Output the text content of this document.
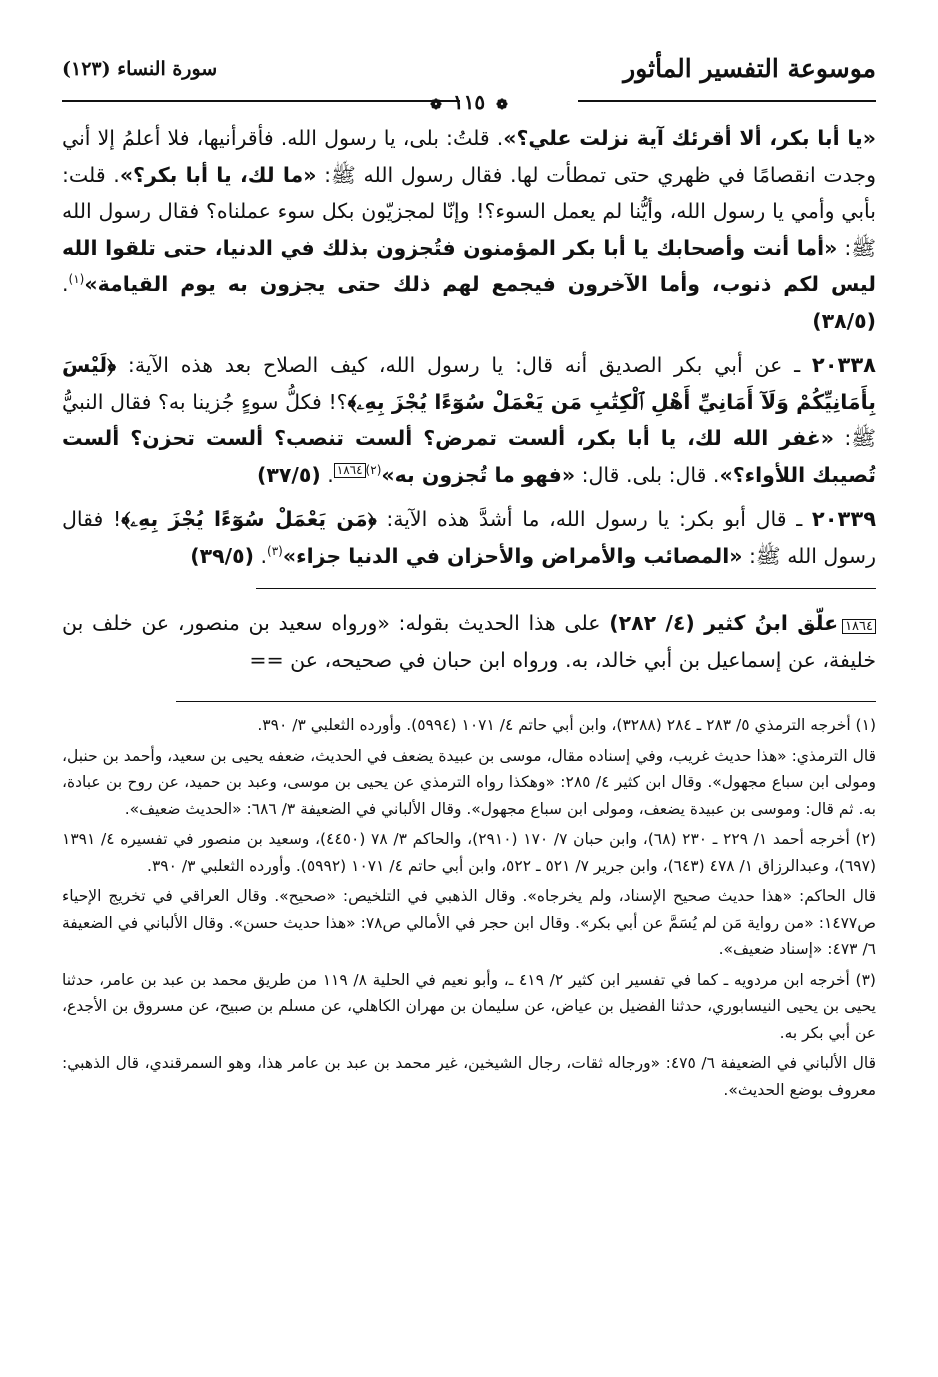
موسوعة التفسير المأثور
سورة النساء (١٢٣)
❁ ١١٥ ❁

«يا أبا بكر، ألا أقرئك آية نزلت علي؟». قلتُ: بلى، يا رسول الله. فأقرأنيها، فلا أعلمُ إلا أني وجدت انقصامًا في ظهري حتى تمطأت لها. فقال رسول الله ﷺ: «ما لك، يا أبا بكر؟». قلت: بأبي وأمي يا رسول الله، وأيُّنا لم يعمل السوء؟! وإنّا لمجزيّون بكل سوء عملناه؟ فقال رسول الله ﷺ: «أما أنت وأصحابك يا أبا بكر المؤمنون فتُجزون بذلك في الدنيا، حتى تلقوا الله ليس لكم ذنوب، وأما الآخرون فيجمع لهم ذلك حتى يجزون به يوم القيامة»$^{(١)}$. (٣٨/٥)

٢٠٣٣٨ ـ عن أبي بكر الصديق أنه قال: يا رسول الله، كيف الصلاح بعد هذه الآية: ﴿لَيْسَ بِأَمَانِيِّكُمْ وَلَآ أَمَانِيِّ أَهْلِ ٱلْكِتَٰبِ مَن يَعْمَلْ سُوٓءًا يُجْزَ بِهِۦ﴾؟! فكلُّ سوءٍ جُزينا به؟ فقال النبيُّ ﷺ: «غفر الله لك، يا أبا بكر، ألست تمرض؟ ألست تنصب؟ ألست تحزن؟ ألست تُصيبك اللأواء؟». قال: بلى. قال: «فهو ما تُجزون به»$^{(٢)}$١٨٦٤. (٣٧/٥)

٢٠٣٣٩ ـ قال أبو بكر: يا رسول الله، ما أشدَّ هذه الآية: ﴿مَن يَعْمَلْ سُوٓءًا يُجْزَ بِهِۦ﴾! فقال رسول الله ﷺ: «المصائب والأمراض والأحزان في الدنيا جزاء»$^{(٣)}$. (٣٩/٥)

١٨٦٤علّق ابنُ كثير (٤/ ٢٨٢) على هذا الحديث بقوله: «ورواه سعيد بن منصور، عن خلف بن خليفة، عن إسماعيل بن أبي خالد، به. ورواه ابن حبان في صحيحه، عن ==

(١) أخرجه الترمذي ٥/ ٢٨٣ ـ ٢٨٤ (٣٢٨٨)، وابن أبي حاتم ٤/ ١٠٧١ (٥٩٩٤). وأورده الثعلبي ٣/ ٣٩٠.

قال الترمذي: «هذا حديث غريب، وفي إسناده مقال، موسى بن عبيدة يضعف في الحديث، ضعفه يحيى بن سعيد، وأحمد بن حنبل، ومولى ابن سباع مجهول». وقال ابن كثير ٤/ ٢٨٥: «وهكذا رواه الترمذي عن يحيى بن موسى، وعبد بن حميد، عن روح بن عبادة، به. ثم قال: وموسى بن عبيدة يضعف، ومولى ابن سباع مجهول». وقال الألباني في الضعيفة ٣/ ٦٨٦: «الحديث ضعيف».

(٢) أخرجه أحمد ١/ ٢٢٩ ـ ٢٣٠ (٦٨)، وابن حبان ٧/ ١٧٠ (٢٩١٠)، والحاكم ٣/ ٧٨ (٤٤٥٠)، وسعيد بن منصور في تفسيره ٤/ ١٣٩١ (٦٩٧)، وعبدالرزاق ١/ ٤٧٨ (٦٤٣)، وابن جرير ٧/ ٥٢١ ـ ٥٢٢، وابن أبي حاتم ٤/ ١٠٧١ (٥٩٩٢). وأورده الثعلبي ٣/ ٣٩٠.

قال الحاكم: «هذا حديث صحيح الإسناد، ولم يخرجاه». وقال الذهبي في التلخيص: «صحيح». وقال العراقي في تخريج الإحياء ص١٤٧٧: «من رواية مَن لم يُسَمَّ عن أبي بكر». وقال ابن حجر في الأمالي ص٧٨: «هذا حديث حسن». وقال الألباني في الضعيفة ٦/ ٤٧٣: «إسناد ضعيف».

(٣) أخرجه ابن مردويه ـ كما في تفسير ابن كثير ٢/ ٤١٩ ـ، وأبو نعيم في الحلية ٨/ ١١٩ من طريق محمد بن عبد بن عامر، حدثنا يحيى بن يحيى النيسابوري، حدثنا الفضيل بن عياض، عن سليمان بن مهران الكاهلي، عن مسلم بن صبيح، عن مسروق بن الأجدع، عن أبي بكر به.

قال الألباني في الضعيفة ٦/ ٤٧٥: «ورجاله ثقات، رجال الشيخين، غير محمد بن عبد بن عامر هذا، وهو السمرقندي، قال الذهبي: معروف بوضع الحديث».
